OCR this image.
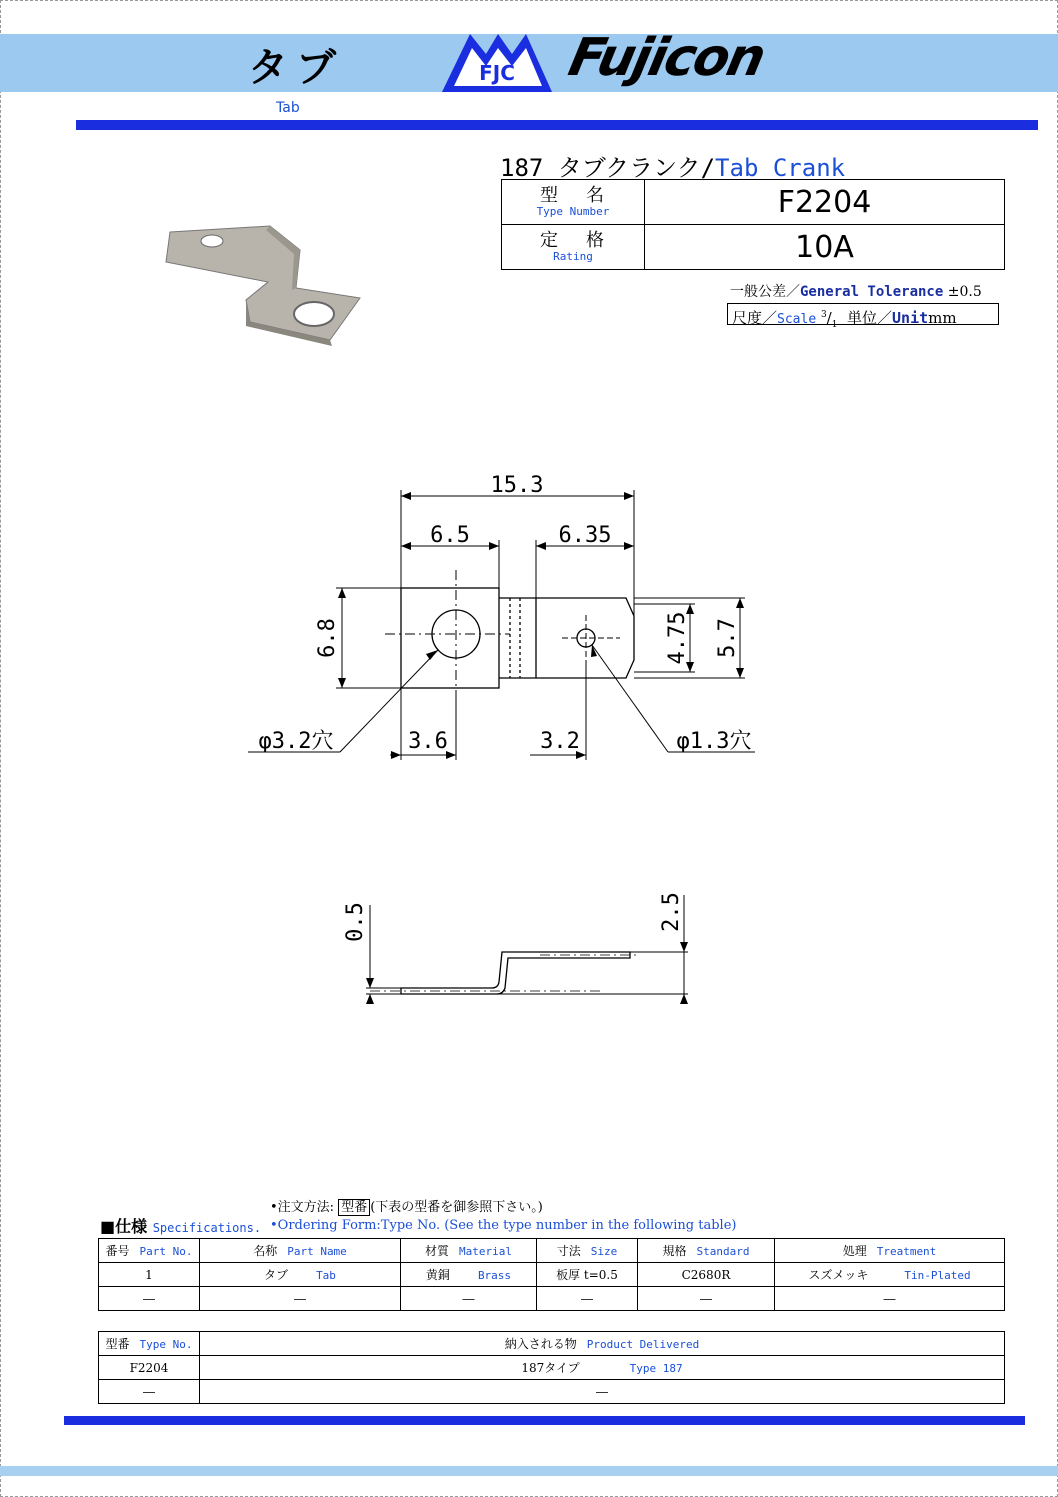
タブ	FJC Fujicon
Tab
187 タブクランク/Tab Crank
型名
Type Number	F2204

定格
Rating	10A
一般公差／General Tolerance ±0.5
尺度／Scale $^3/_1$ 単位／Unitmm
15.3
6.5	6.35
6.8	4.75 5.7
φ3.2穴	3.6	3.2	φ1.3穴
0.5	2.5
•注文方法: 型番 (下表の型番を御参照下さい。)
•Ordering Form:Type No. (See the type number in the following table)
■仕様 Specifications.
番号 Part No.	名称 Part Name	材質 Material	寸法 Size	規格 Standard	処理 Treatment
1	タブ Tab	黄銅 Brass	板厚 t=0.5	C2680R	スズメッキ Tin-Plated
―	―	―	―	―	―
型番 Type No.	納入される物 Product Delivered
F2204	187タイプ Type 187
―	―
